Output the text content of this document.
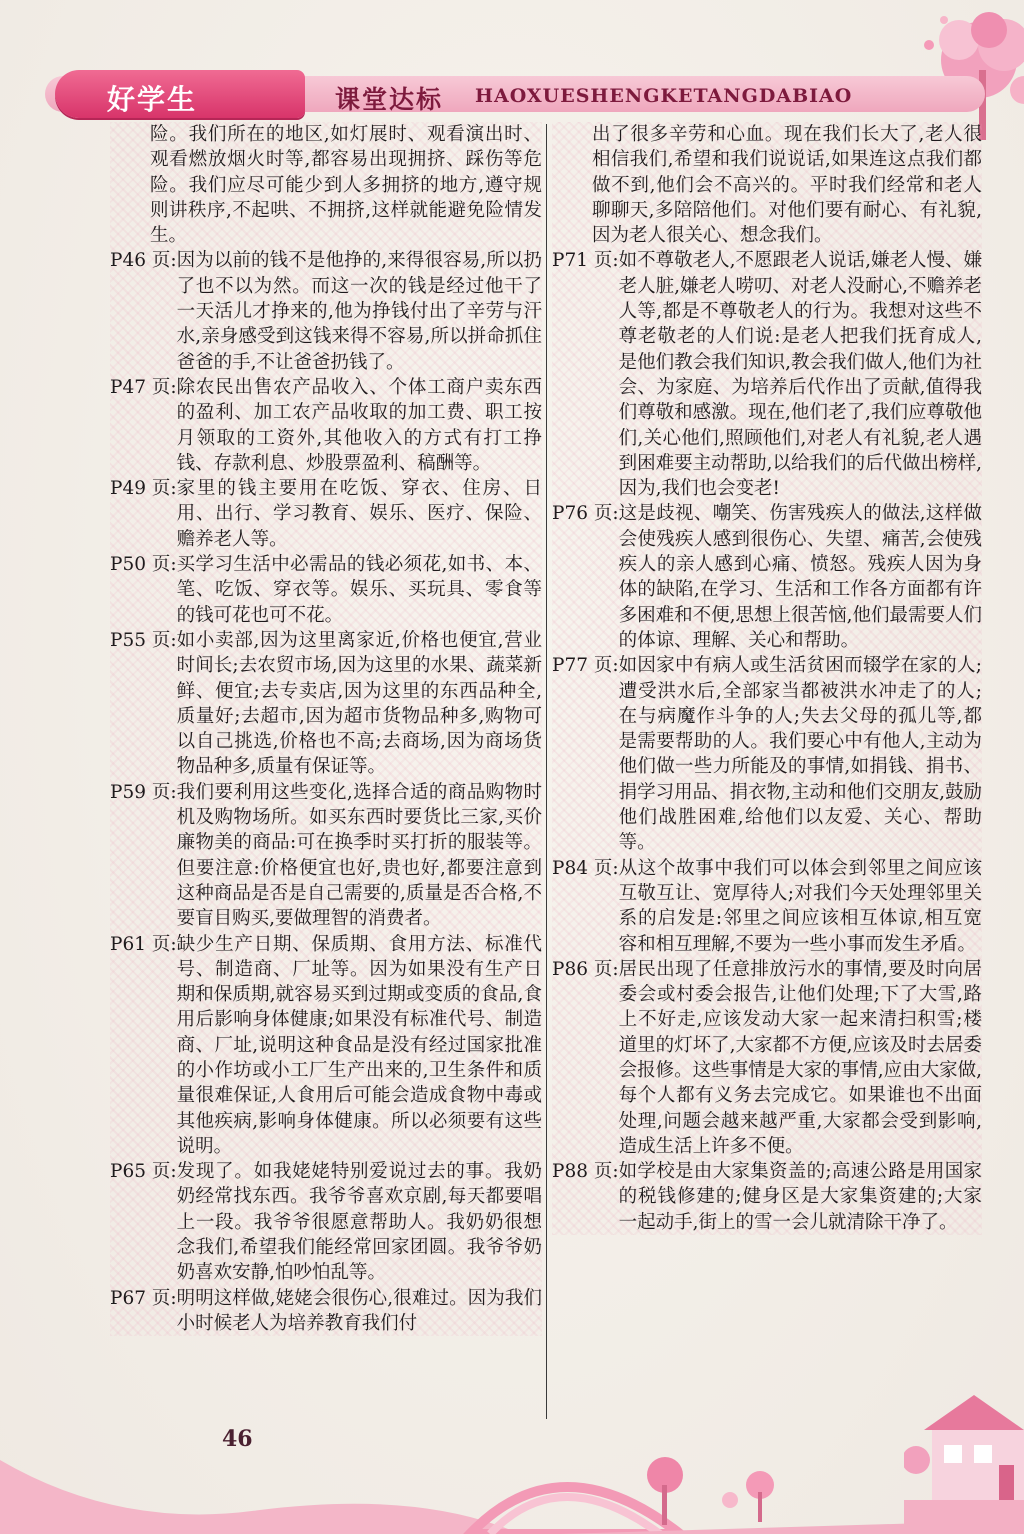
好学生	课堂达标 HAOXUESHENGKETANGDABIAO
险。我们所在的地区,如灯展时、观看演出时、观看燃放烟火时等,都容易出现拥挤、踩伤等危险。我们应尽可能少到人多拥挤的地方,遵守规则讲秩序,不起哄、不拥挤,这样就能避免险情发生。
P46 页: 因为以前的钱不是他挣的,来得很容易,所以扔了也不以为然。而这一次的钱是经过他干了一天活儿才挣来的,他为挣钱付出了辛劳与汗水,亲身感受到这钱来得不容易,所以拼命抓住爸爸的手,不让爸爸扔钱了。
P47 页: 除农民出售农产品收入、个体工商户卖东西的盈利、加工农产品收取的加工费、职工按月领取的工资外,其他收入的方式有打工挣钱、存款利息、炒股票盈利、稿酬等。
P49 页: 家里的钱主要用在吃饭、穿衣、住房、日用、出行、学习教育、娱乐、医疗、保险、赡养老人等。
P50 页: 买学习生活中必需品的钱必须花,如书、本、笔、吃饭、穿衣等。娱乐、买玩具、零食等的钱可花也可不花。
P55 页: 如小卖部,因为这里离家近,价格也便宜,营业时间长;去农贸市场,因为这里的水果、蔬菜新鲜、便宜;去专卖店,因为这里的东西品种全,质量好;去超市,因为超市货物品种多,购物可以自己挑选,价格也不高;去商场,因为商场货物品种多,质量有保证等。
P59 页: 我们要利用这些变化,选择合适的商品购物时机及购物场所。如买东西时要货比三家,买价廉物美的商品:可在换季时买打折的服装等。但要注意:价格便宜也好,贵也好,都要注意到这种商品是否是自己需要的,质量是否合格,不要盲目购买,要做理智的消费者。
P61 页: 缺少生产日期、保质期、食用方法、标准代号、制造商、厂址等。因为如果没有生产日期和保质期,就容易买到过期或变质的食品,食用后影响身体健康;如果没有标准代号、制造商、厂址,说明这种食品是没有经过国家批准的小作坊或小工厂生产出来的,卫生条件和质量很难保证,人食用后可能会造成食物中毒或其他疾病,影响身体健康。所以必须要有这些说明。
P65 页: 发现了。如我姥姥特别爱说过去的事。我奶奶经常找东西。我爷爷喜欢京剧,每天都要唱上一段。我爷爷很愿意帮助人。我奶奶很想念我们,希望我们能经常回家团圆。我爷爷奶奶喜欢安静,怕吵怕乱等。
P67 页: 明明这样做,姥姥会很伤心,很难过。因为我们小时候老人为培养教育我们付
出了很多辛劳和心血。现在我们长大了,老人很相信我们,希望和我们说说话,如果连这点我们都做不到,他们会不高兴的。平时我们经常和老人聊聊天,多陪陪他们。对他们要有耐心、有礼貌,因为老人很关心、想念我们。
P71 页: 如不尊敬老人,不愿跟老人说话,嫌老人慢、嫌老人脏,嫌老人唠叨、对老人没耐心,不赡养老人等,都是不尊敬老人的行为。我想对这些不尊老敬老的人们说:是老人把我们抚育成人,是他们教会我们知识,教会我们做人,他们为社会、为家庭、为培养后代作出了贡献,值得我们尊敬和感激。现在,他们老了,我们应尊敬他们,关心他们,照顾他们,对老人有礼貌,老人遇到困难要主动帮助,以给我们的后代做出榜样,因为,我们也会变老!
P76 页: 这是歧视、嘲笑、伤害残疾人的做法,这样做会使残疾人感到很伤心、失望、痛苦,会使残疾人的亲人感到心痛、愤怒。残疾人因为身体的缺陷,在学习、生活和工作各方面都有许多困难和不便,思想上很苦恼,他们最需要人们的体谅、理解、关心和帮助。
P77 页: 如因家中有病人或生活贫困而辍学在家的人;遭受洪水后,全部家当都被洪水冲走了的人;在与病魔作斗争的人;失去父母的孤儿等,都是需要帮助的人。我们要心中有他人,主动为他们做一些力所能及的事情,如捐钱、捐书、捐学习用品、捐衣物,主动和他们交朋友,鼓励他们战胜困难,给他们以友爱、关心、帮助等。
P84 页: 从这个故事中我们可以体会到邻里之间应该互敬互让、宽厚待人;对我们今天处理邻里关系的启发是:邻里之间应该相互体谅,相互宽容和相互理解,不要为一些小事而发生矛盾。
P86 页: 居民出现了任意排放污水的事情,要及时向居委会或村委会报告,让他们处理;下了大雪,路上不好走,应该发动大家一起来清扫积雪;楼道里的灯坏了,大家都不方便,应该及时去居委会报修。这些事情是大家的事情,应由大家做,每个人都有义务去完成它。如果谁也不出面处理,问题会越来越严重,大家都会受到影响,造成生活上许多不便。
P88 页: 如学校是由大家集资盖的;高速公路是用国家的税钱修建的;健身区是大家集资建的;大家一起动手,街上的雪一会儿就清除干净了。
46
